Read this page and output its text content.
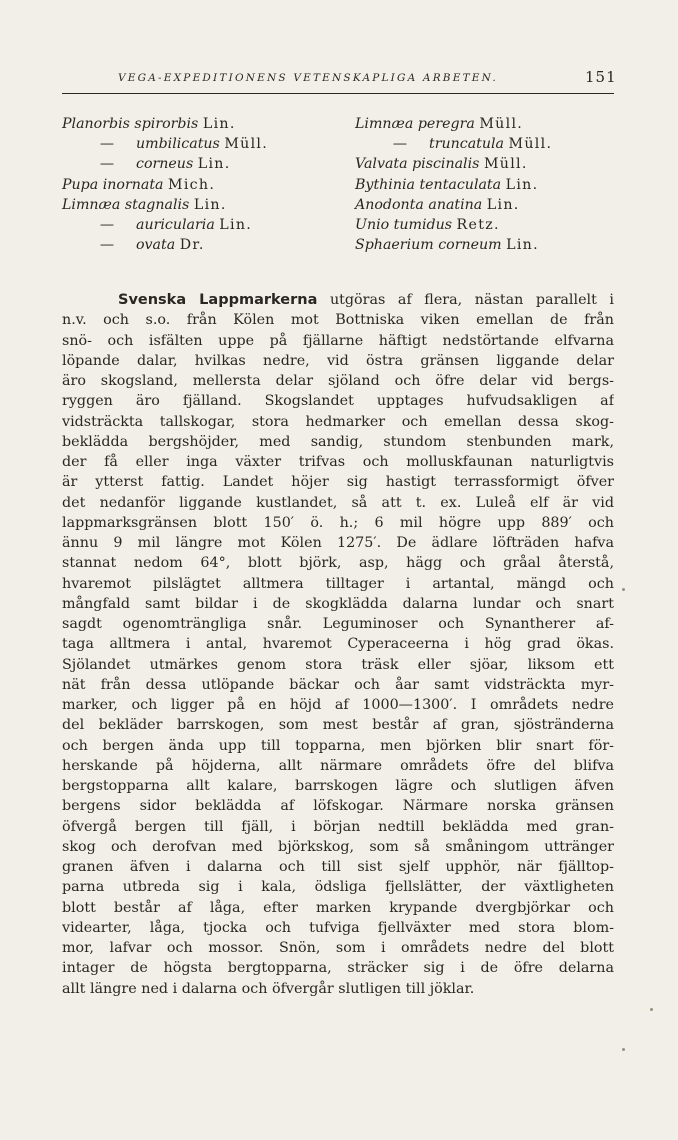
VEGA-EXPEDITIONENS VETENSKAPLIGA ARBETEN.	151
Planorbis spirorbis Lin.
— umbilicatus Müll.
— corneus Lin.
Pupa inornata Mich.
Limnæa stagnalis Lin.
— auricularia Lin.
— ovata Dr.
Limnæa peregra Müll.
— truncatula Müll.
Valvata piscinalis Müll.
Bythinia tentaculata Lin.
Anodonta anatina Lin.
Unio tumidus Retz.
Sphaerium corneum Lin.
Svenska Lappmarkerna utgöras af flera, nästan parallelt i
n.v. och s.o. från Kölen mot Bottniska viken emellan de från
snö- och isfälten uppe på fjällarne häftigt nedstörtande elfvarna
löpande dalar, hvilkas nedre, vid östra gränsen liggande delar
äro skogsland, mellersta delar sjöland och öfre delar vid bergs-
ryggen äro fjälland. Skogslandet upptages hufvudsakligen af
vidsträckta tallskogar, stora hedmarker och emellan dessa skog-
beklädda bergshöjder, med sandig, stundom stenbunden mark,
der få eller inga växter trifvas och molluskfaunan naturligtvis
är ytterst fattig. Landet höjer sig hastigt terrassformigt öfver
det nedanför liggande kustlandet, så att t. ex. Luleå elf är vid
lappmarksgränsen blott 150′ ö. h.; 6 mil högre upp 889′ och
ännu 9 mil längre mot Kölen 1275′. De ädlare löfträden hafva
stannat nedom 64°, blott björk, asp, hägg och gråal återstå,
hvaremot pilslägtet alltmera tilltager i artantal, mängd och
mångfald samt bildar i de skogklädda dalarna lundar och snart
sagdt ogenomträngliga snår. Leguminoser och Synantherer af-
taga alltmera i antal, hvaremot Cyperaceerna i hög grad ökas.
Sjölandet utmärkes genom stora träsk eller sjöar, liksom ett
nät från dessa utlöpande bäckar och åar samt vidsträckta myr-
marker, och ligger på en höjd af 1000—1300′. I områdets nedre
del bekläder barrskogen, som mest består af gran, sjöstränderna
och bergen ända upp till topparna, men björken blir snart för-
herskande på höjderna, allt närmare områdets öfre del blifva
bergstopparna allt kalare, barrskogen lägre och slutligen äfven
bergens sidor beklädda af löfskogar. Närmare norska gränsen
öfvergå bergen till fjäll, i början nedtill beklädda med gran-
skog och derofvan med björkskog, som så småningom uttränger
granen äfven i dalarna och till sist sjelf upphör, när fjälltop-
parna utbreda sig i kala, ödsliga fjellslätter, der växtligheten
blott består af låga, efter marken krypande dvergbjörkar och
videarter, låga, tjocka och tufviga fjellväxter med stora blom-
mor, lafvar och mossor. Snön, som i områdets nedre del blott
intager de högsta bergtopparna, sträcker sig i de öfre delarna
allt längre ned i dalarna och öfvergår slutligen till jöklar.
